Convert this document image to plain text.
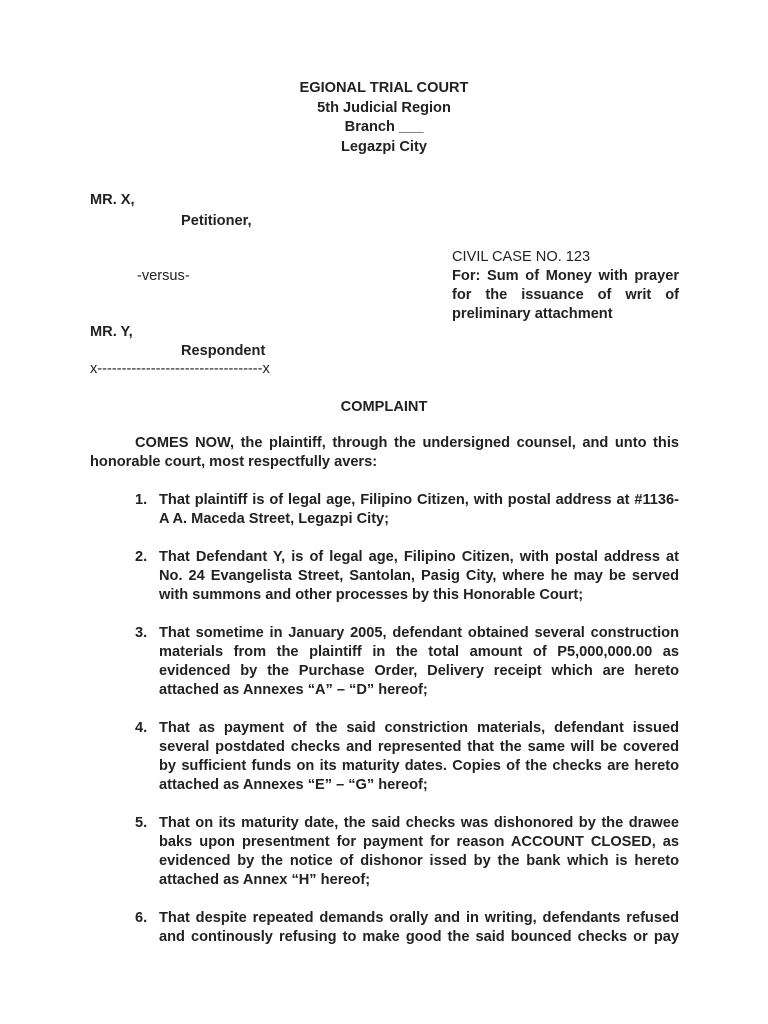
EGIONAL TRIAL COURT
5th Judicial Region
Branch ___
Legazpi City
MR. X,
Petitioner,
-versus-
MR. Y,
Respondent
x----------------------------------x
CIVIL CASE NO. 123
For: Sum of Money with prayer
for the issuance of writ of
preliminary attachment
COMPLAINT
COMES NOW, the plaintiff, through the undersigned counsel, and unto this
honorable court, most respectfully avers:
1. That plaintiff is of legal age, Filipino Citizen, with postal address at #1136-
A A. Maceda Street, Legazpi City;
2. That Defendant Y, is of legal age, Filipino Citizen, with postal address at
No. 24 Evangelista Street, Santolan, Pasig City, where he may be served
with summons and other processes by this Honorable Court;
3. That sometime in January 2005, defendant obtained several construction
materials from the plaintiff in the total amount of P5,000,000.00 as
evidenced by the Purchase Order, Delivery receipt which are hereto
attached as Annexes “A” – “D” hereof;
4. That as payment of the said constriction materials, defendant issued
several postdated checks and represented that the same will be covered
by sufficient funds on its maturity dates. Copies of the checks are hereto
attached as Annexes “E” – “G” hereof;
5. That on its maturity date, the said checks was dishonored by the drawee
baks upon presentment for payment for reason ACCOUNT CLOSED, as
evidenced by the notice of dishonor issed by the bank which is hereto
attached as Annex “H” hereof;
6. That despite repeated demands orally and in writing, defendants refused
and continously refusing to make good the said bounced checks or pay
